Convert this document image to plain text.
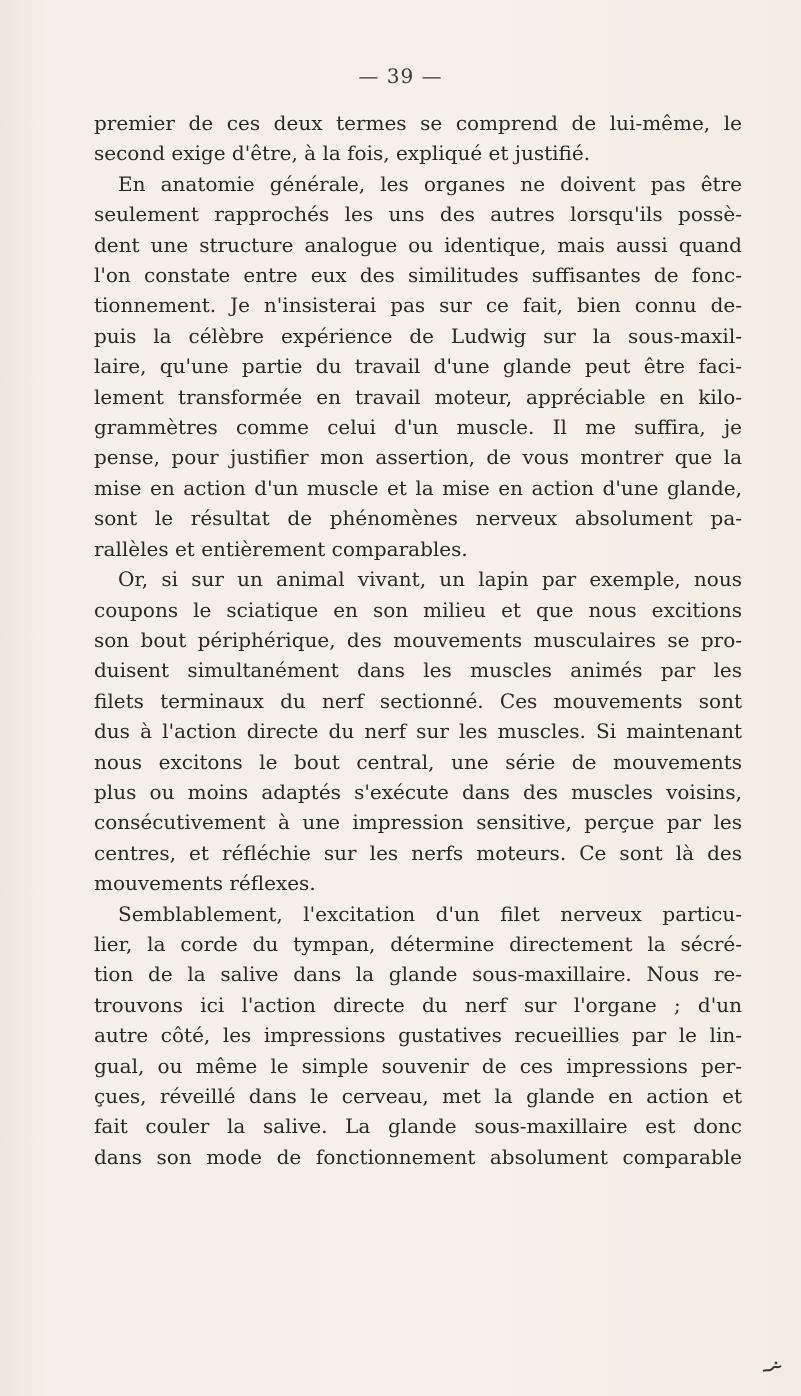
— 39 —
premier de ces deux termes se comprend de lui-même, le
second exige d'être, à la fois, expliqué et justifié.
En anatomie générale, les organes ne doivent pas être
seulement rapprochés les uns des autres lorsqu'ils possè-
dent une structure analogue ou identique, mais aussi quand
l'on constate entre eux des similitudes suffisantes de fonc-
tionnement. Je n'insisterai pas sur ce fait, bien connu de-
puis la célèbre expérience de Ludwig sur la sous-maxil-
laire, qu'une partie du travail d'une glande peut être faci-
lement transformée en travail moteur, appréciable en kilo-
grammètres comme celui d'un muscle. Il me suffira, je
pense, pour justifier mon assertion, de vous montrer que la
mise en action d'un muscle et la mise en action d'une glande,
sont le résultat de phénomènes nerveux absolument pa-
rallèles et entièrement comparables.
Or, si sur un animal vivant, un lapin par exemple, nous
coupons le sciatique en son milieu et que nous excitions
son bout périphérique, des mouvements musculaires se pro-
duisent simultanément dans les muscles animés par les
filets terminaux du nerf sectionné. Ces mouvements sont
dus à l'action directe du nerf sur les muscles. Si maintenant
nous excitons le bout central, une série de mouvements
plus ou moins adaptés s'exécute dans des muscles voisins,
consécutivement à une impression sensitive, perçue par les
centres, et réfléchie sur les nerfs moteurs. Ce sont là des
mouvements réflexes.
Semblablement, l'excitation d'un filet nerveux particu-
lier, la corde du tympan, détermine directement la sécré-
tion de la salive dans la glande sous-maxillaire. Nous re-
trouvons ici l'action directe du nerf sur l'organe ; d'un
autre côté, les impressions gustatives recueillies par le lin-
gual, ou même le simple souvenir de ces impressions per-
çues, réveillé dans le cerveau, met la glande en action et
fait couler la salive. La glande sous-maxillaire est donc
dans son mode de fonctionnement absolument comparable
